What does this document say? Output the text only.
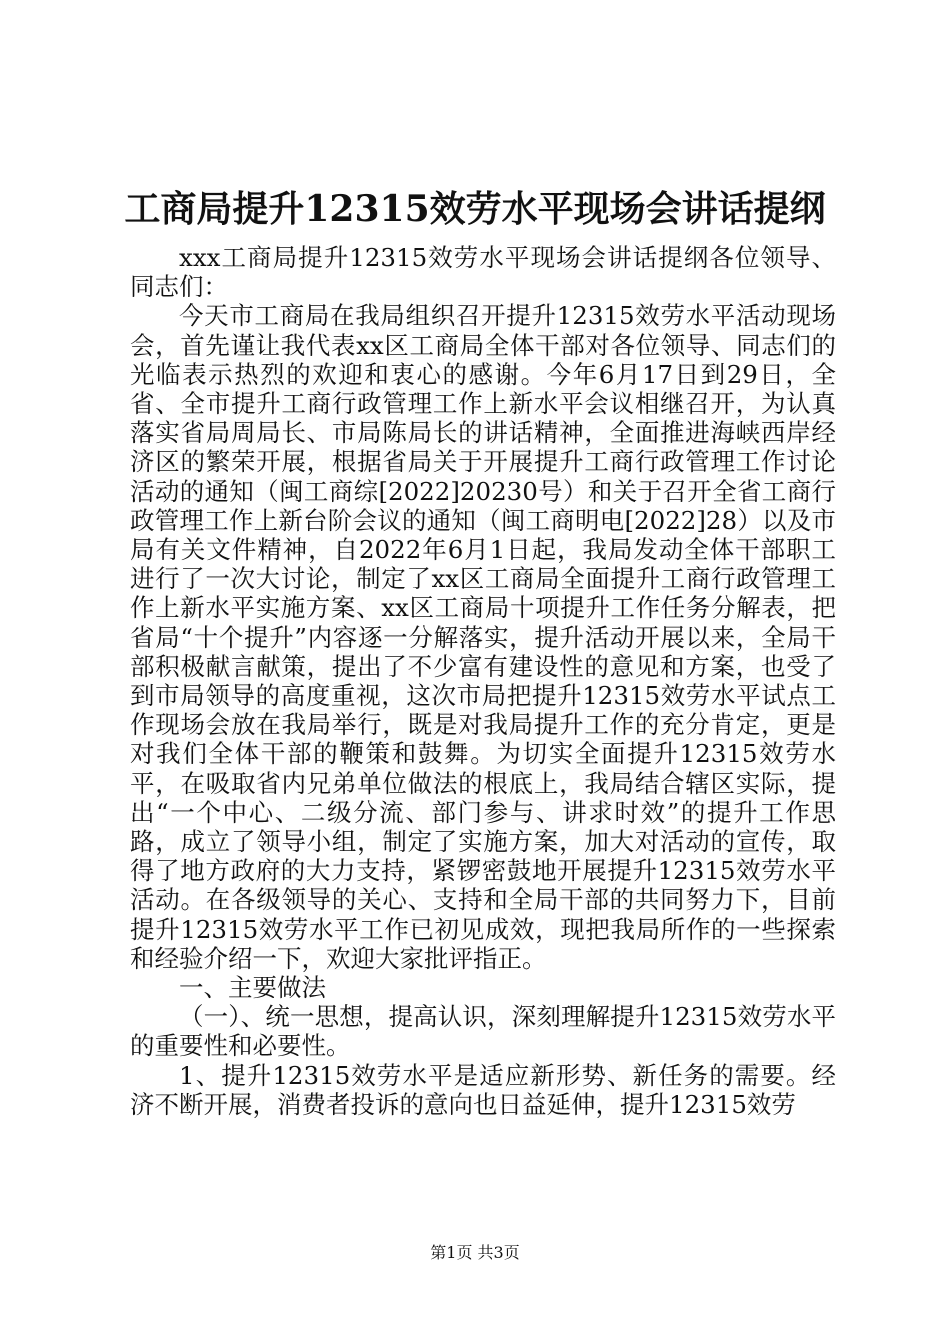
工商局提升12315效劳水平现场会讲话提纲

xxx工商局提升12315效劳水平现场会讲话提纲各位领导、同志们：

今天市工商局在我局组织召开提升12315效劳水平活动现场会，首先谨让我代表xx区工商局全体干部对各位领导、同志们的光临表示热烈的欢迎和衷心的感谢。今年6月17日到29日，全省、全市提升工商行政管理工作上新水平会议相继召开，为认真落实省局周局长、市局陈局长的讲话精神，全面推进海峡西岸经济区的繁荣开展，根据省局关于开展提升工商行政管理工作讨论活动的通知（闽工商综[2022]20230号）和关于召开全省工商行政管理工作上新台阶会议的通知（闽工商明电[2022]28）以及市局有关文件精神，自2022年6月1日起，我局发动全体干部职工进行了一次大讨论，制定了xx区工商局全面提升工商行政管理工作上新水平实施方案、xx区工商局十项提升工作任务分解表，把省局“十个提升”内容逐一分解落实，提升活动开展以来，全局干部积极献言献策，提出了不少富有建设性的意见和方案，也受了到市局领导的高度重视，这次市局把提升12315效劳水平试点工作现场会放在我局举行，既是对我局提升工作的充分肯定，更是对我们全体干部的鞭策和鼓舞。为切实全面提升12315效劳水平，在吸取省内兄弟单位做法的根底上，我局结合辖区实际，提出“一个中心、二级分流、部门参与、讲求时效”的提升工作思路，成立了领导小组，制定了实施方案，加大对活动的宣传，取得了地方政府的大力支持，紧锣密鼓地开展提升12315效劳水平活动。在各级领导的关心、支持和全局干部的共同努力下，目前提升12315效劳水平工作已初见成效，现把我局所作的一些探索和经验介绍一下，欢迎大家批评指正。

一、主要做法

（一）、统一思想，提高认识，深刻理解提升12315效劳水平的重要性和必要性。

1、提升12315效劳水平是适应新形势、新任务的需要。经济不断开展，消费者投诉的意向也日益延伸，提升12315效劳

第1页 共3页
